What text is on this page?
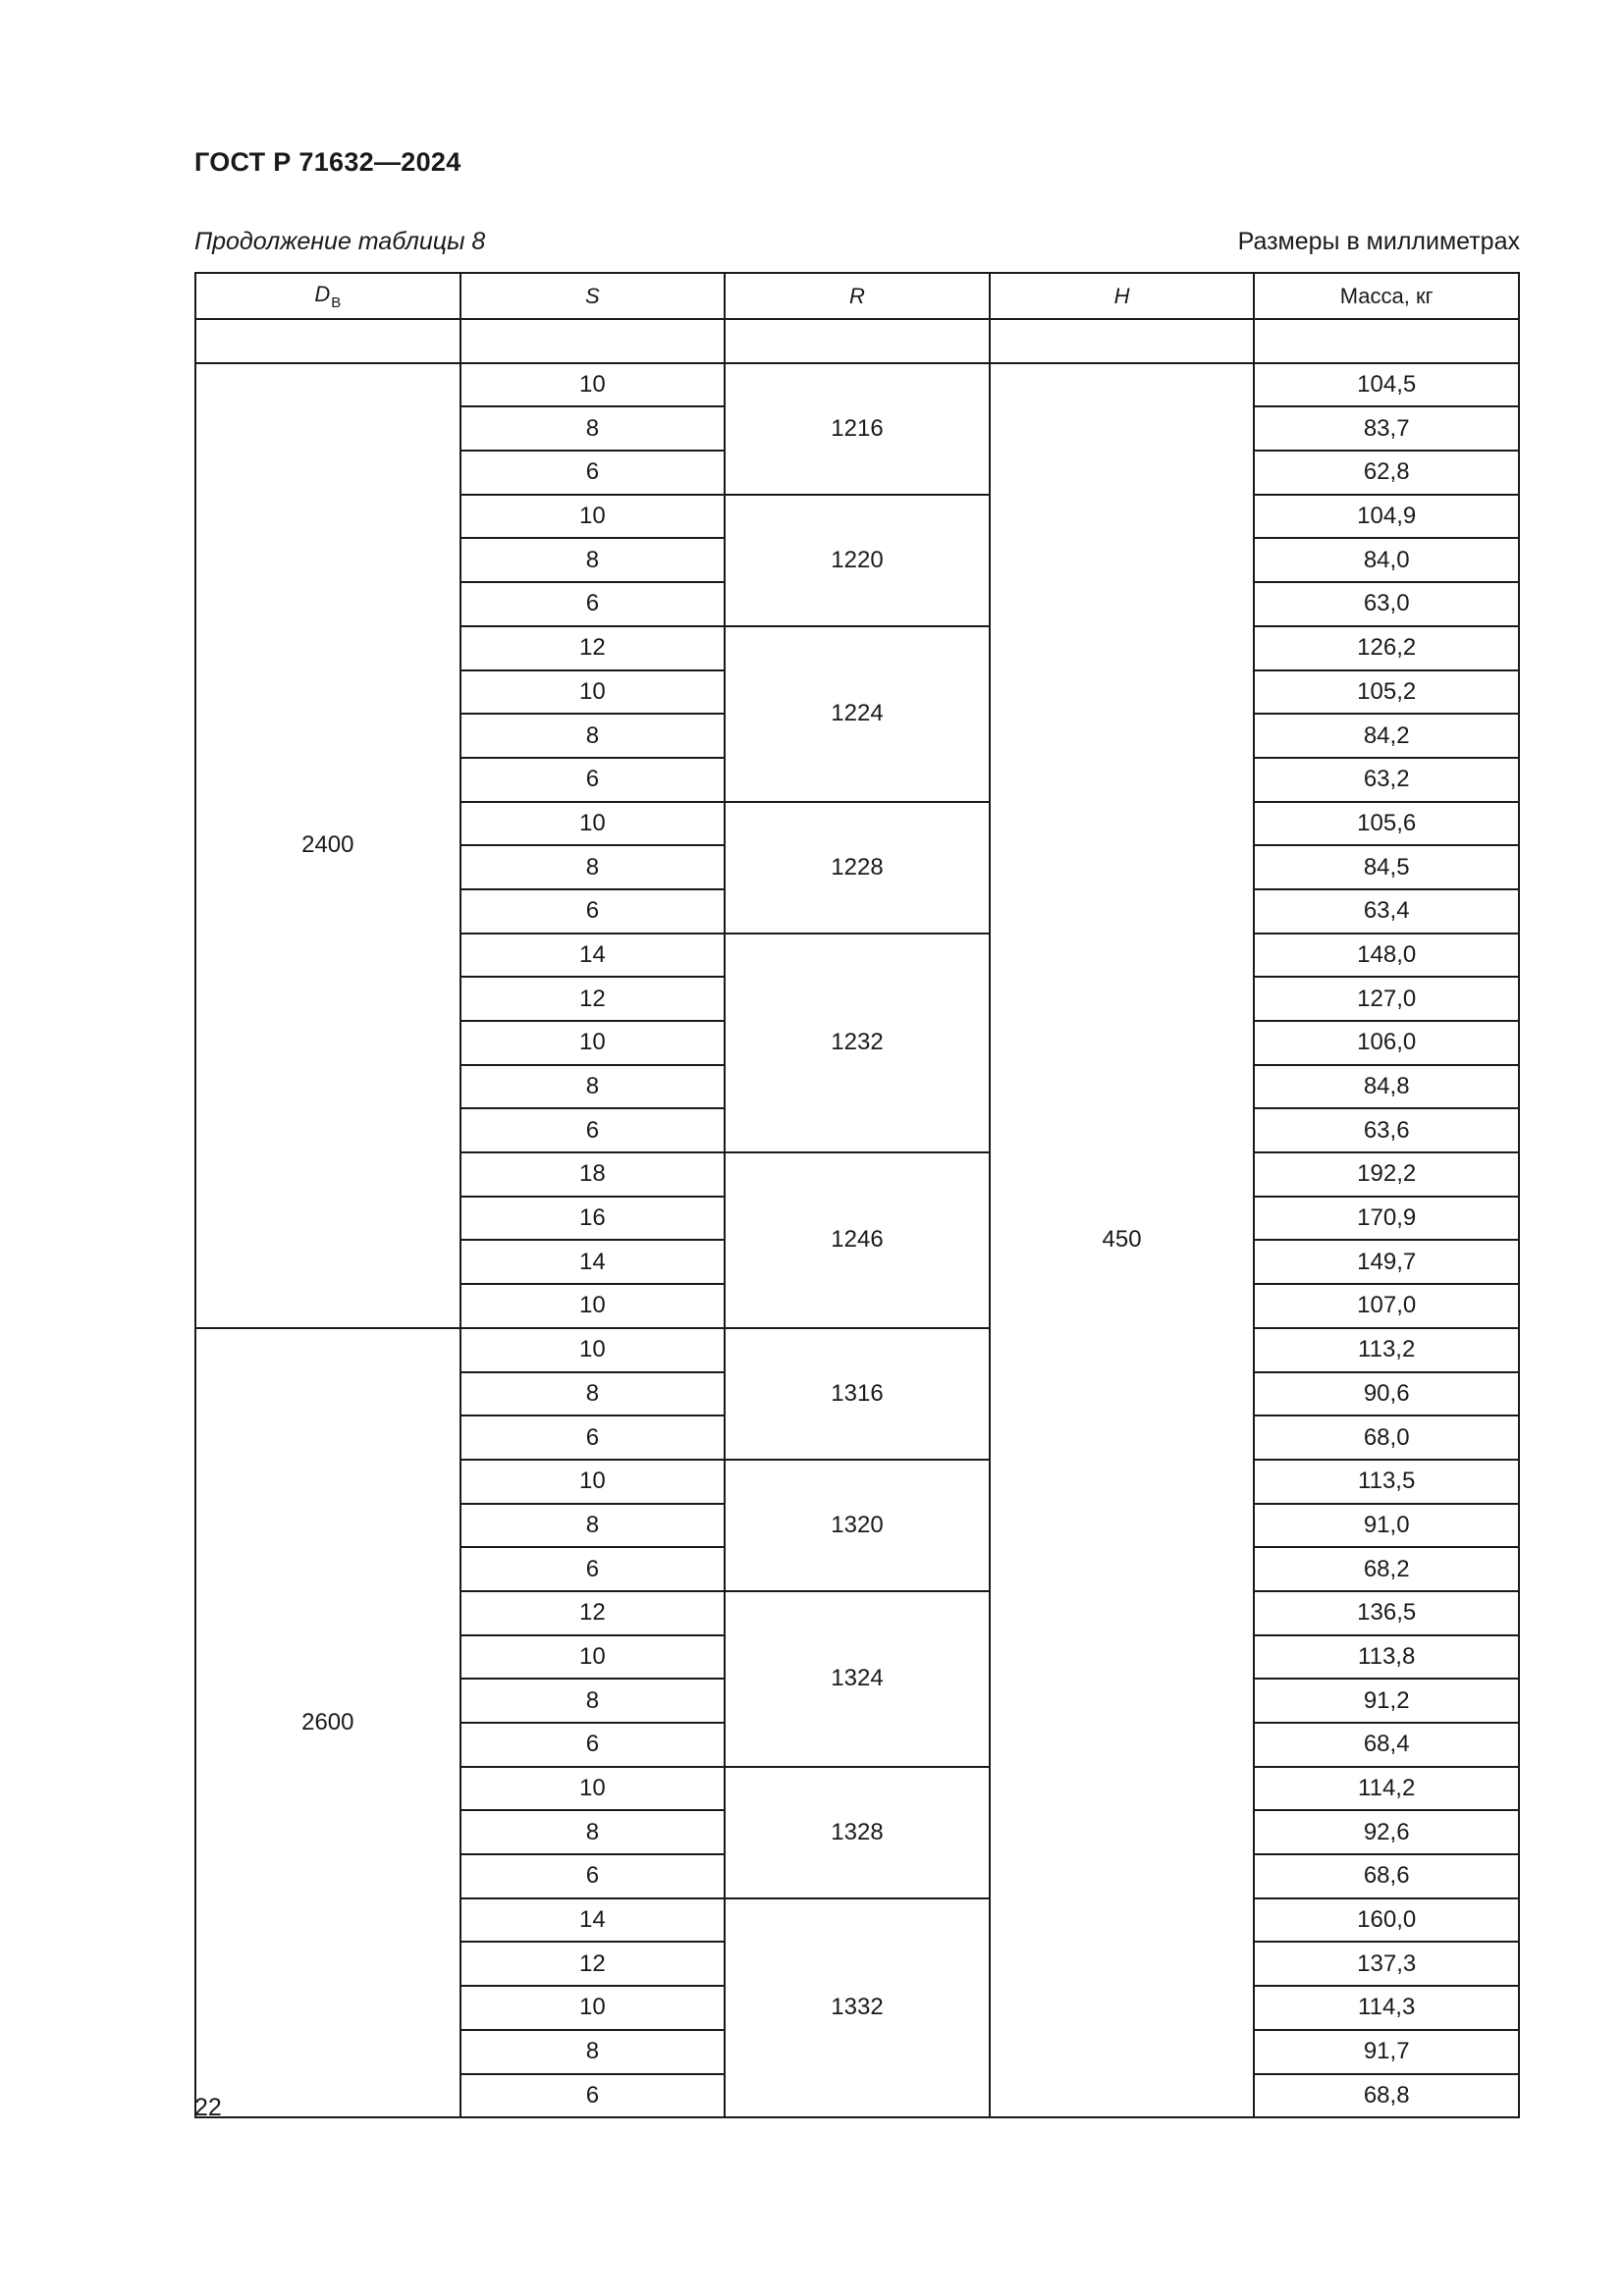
ГОСТ Р 71632—2024
Продолжение таблицы 8	Размеры в миллиметрах
$D_В$	S	R	H	Масса, кг

2400	10	1216	450	104,5
	8			83,7
	6			62,8
	10	1220		104,9
	8			84,0
	6			63,0
	12	1224		126,2
	10			105,2
	8			84,2
	6			63,2
	10	1228		105,6
	8			84,5
	6			63,4
	14	1232		148,0
	12			127,0
	10			106,0
	8			84,8
	6			63,6
	18	1246		192,2
	16			170,9
	14			149,7
	10			107,0
2600	10	1316		113,2
	8			90,6
	6			68,0
	10	1320		113,5
	8			91,0
	6			68,2
	12	1324		136,5
	10			113,8
	8			91,2
	6			68,4
	10	1328		114,2
	8			92,6
	6			68,6
	14	1332		160,0
	12			137,3
	10			114,3
	8			91,7
	6			68,8
22
